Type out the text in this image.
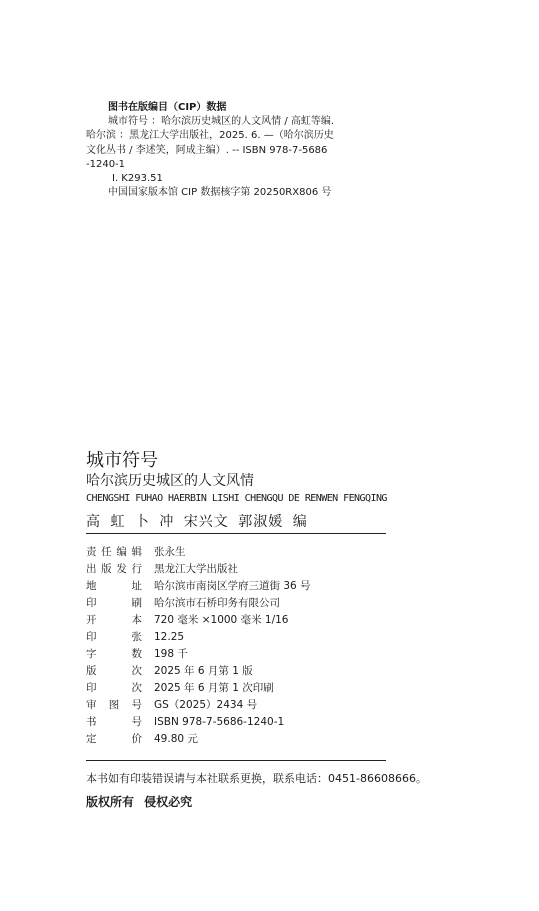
图书在版编目（CIP）数据
城市符号 ：哈尔滨历史城区的人文风情 / 高虹等编.
哈尔滨 ：黑龙江大学出版社，2025. 6. —（哈尔滨历史
文化丛书 / 李述笑，阿成主编）. -- ISBN 978-7-5686
-1240-1
Ⅰ. K293.51
中国国家版本馆 CIP 数据核字第 20250RX806 号
城市符号
哈尔滨历史城区的人文风情
CHENGSHI FUHAO HAERBIN LISHI CHENGQU DE RENWEN FENGQING
高 虹 卜 冲 宋兴文 郭淑媛 编
责任编辑	张永生
出版发行	黑龙江大学出版社
地 址	哈尔滨市南岗区学府三道街 36 号
印 刷	哈尔滨市石桥印务有限公司
开 本	720 毫米 ×1000 毫米 1/16
印 张	12.25
字 数	198 千
版 次	2025 年 6 月第 1 版
印 次	2025 年 6 月第 1 次印刷
审 图 号	GS（2025）2434 号
书 号	ISBN 978-7-5686-1240-1
定 价	49.80 元
本书如有印装错误请与本社联系更换，联系电话：0451-86608666。
版权所有 侵权必究
